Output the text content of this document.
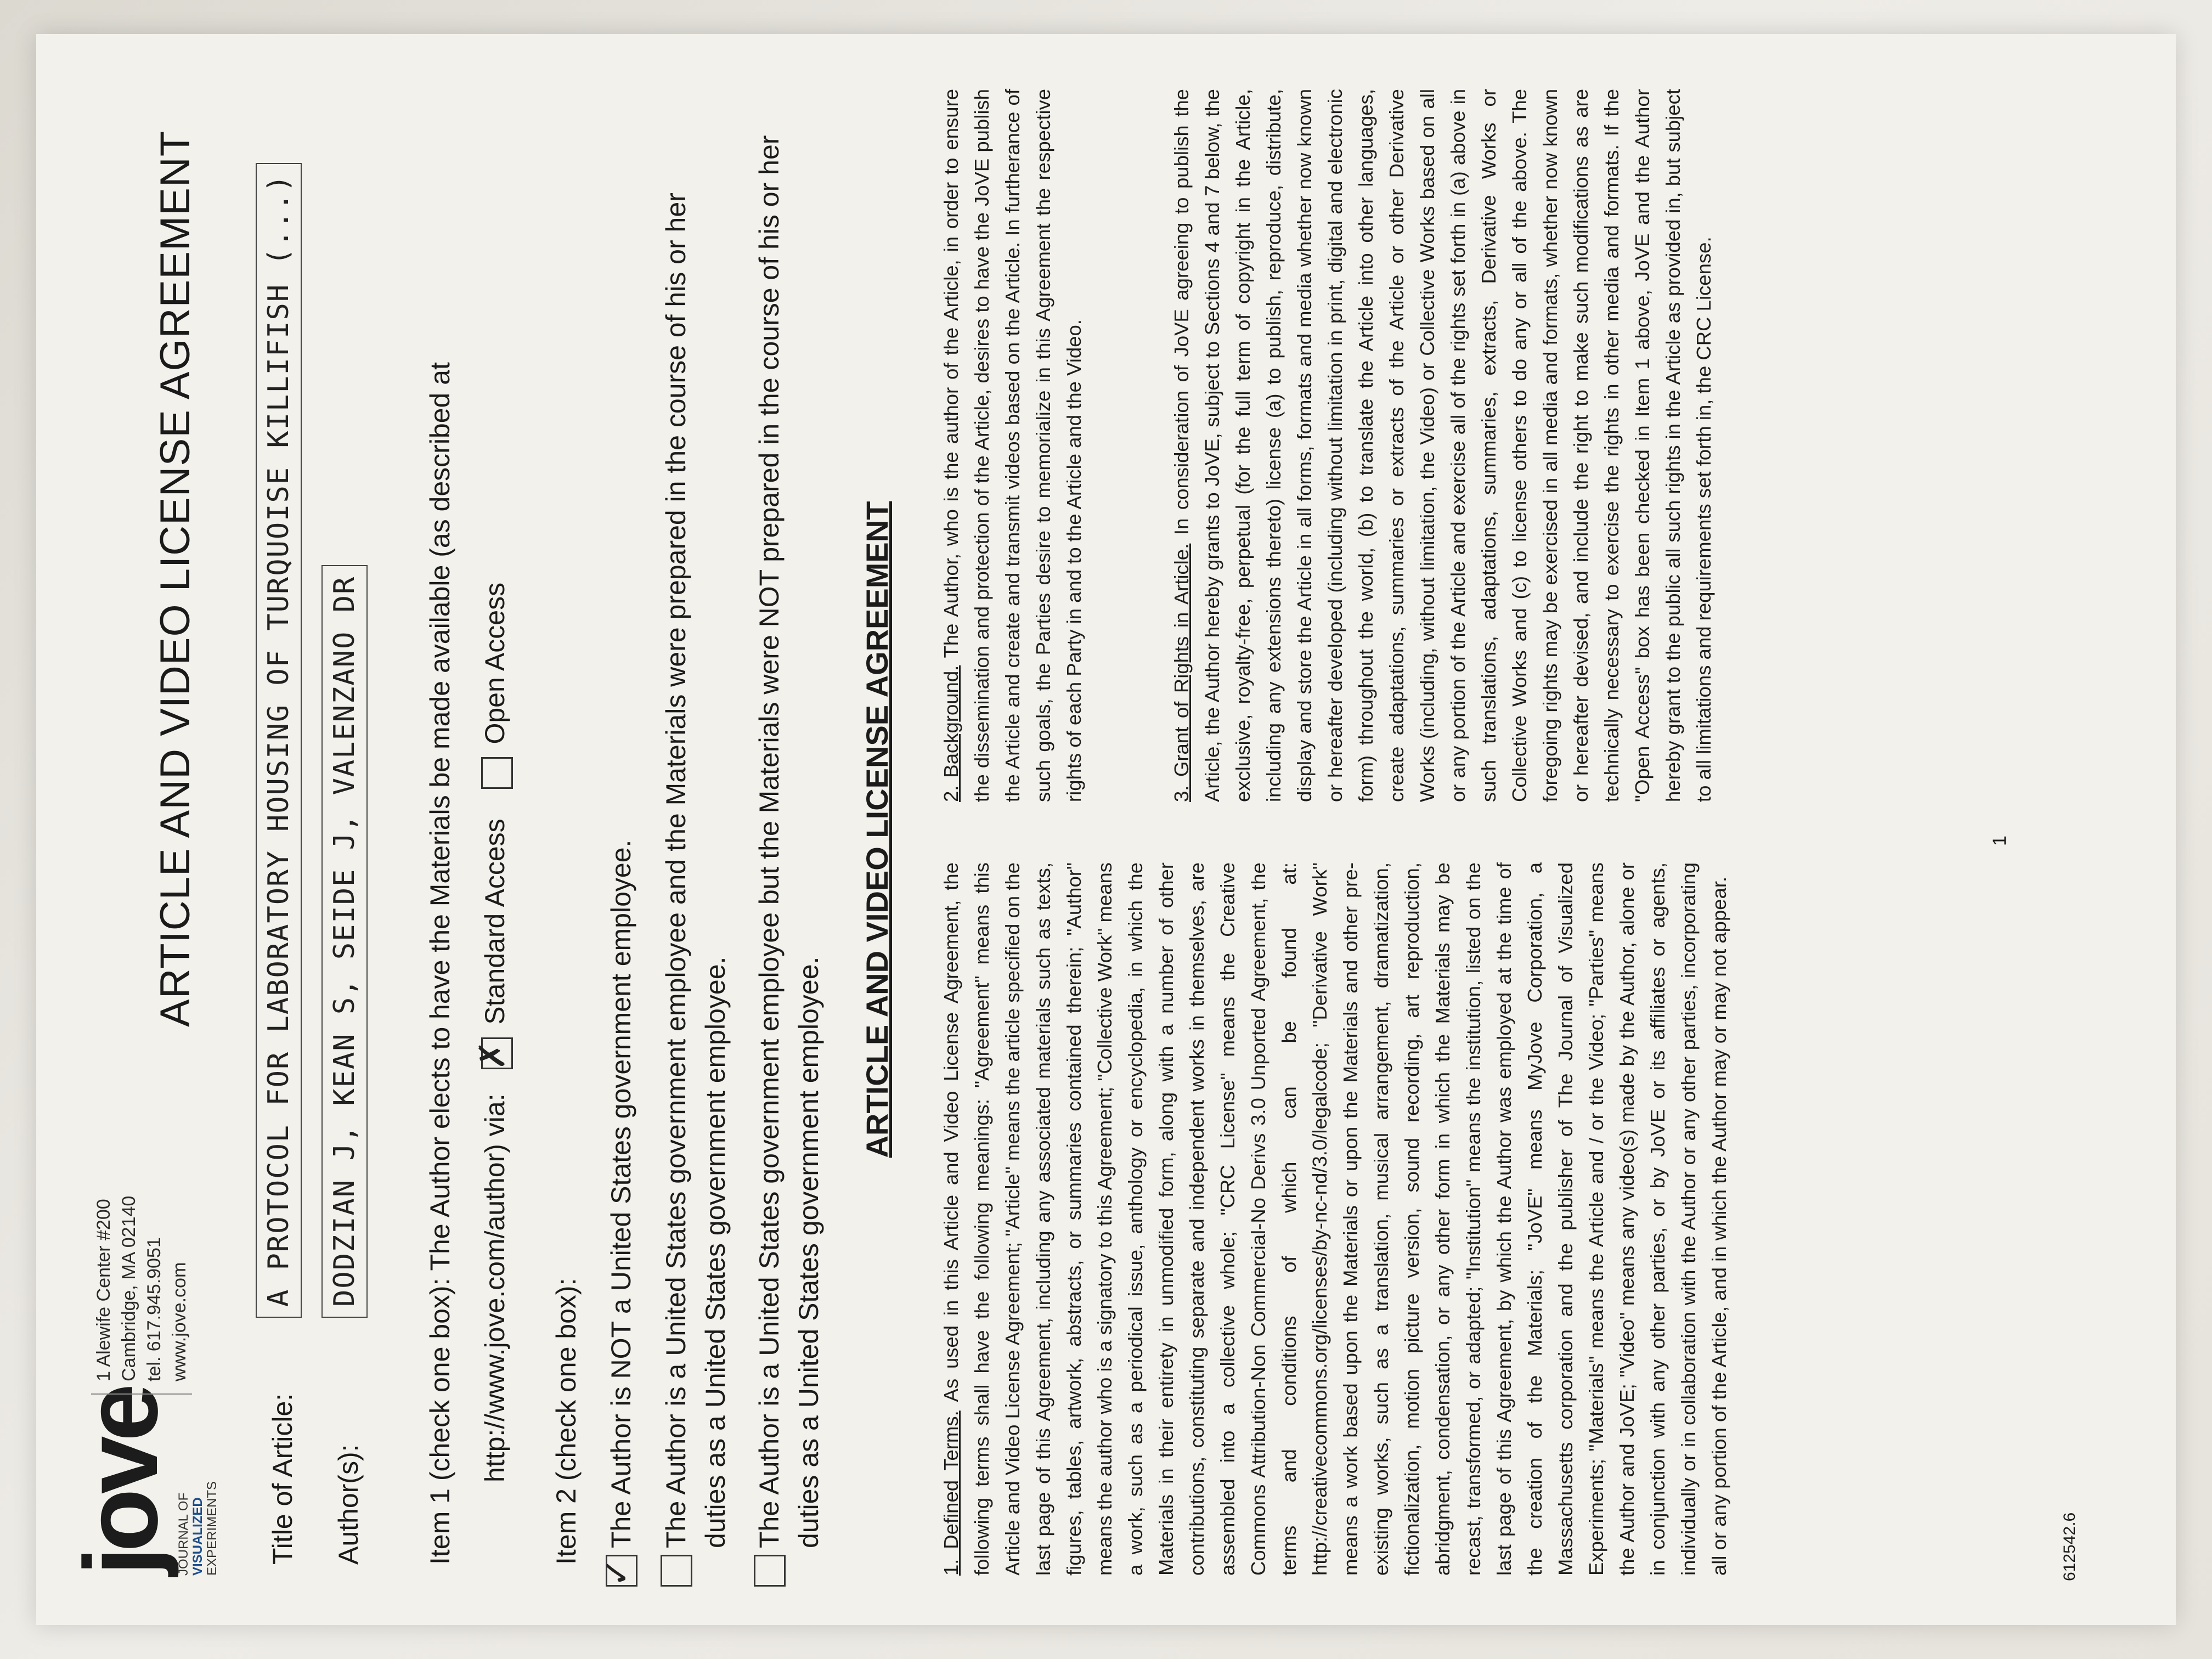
jove
JOURNAL OF
VISUALIZED EXPERIMENTS
1 Alewife Center #200 Cambridge, MA 02140 tel. 617.945.9051 www.jove.com
ARTICLE AND VIDEO LICENSE AGREEMENT
Title of Article:
A PROTOCOL FOR LABORATORY HOUSING OF TURQUOISE KILLIFISH (...)
Author(s):
DODZIAN J, KEAN S, SEIDE J, VALENZANO DR Item 1 (check one box): The Author elects to have the Materials be made available (as described at http://www.jove.com/author) via:
✗
Standard Access  Open Access
Item 2 (check one box):
✓
The Author is NOT a United States government employee. The Author is a United States government employee and the Materials were prepared in the course of his or her duties as a United States government employee. The Author is a United States government employee but the Materials were NOT prepared in the course of his or her duties as a United States government employee.
ARTICLE AND VIDEO LICENSE AGREEMENT
1. Defined Terms. As used in this Article and Video License Agreement, the following terms shall have the following meanings: "Agreement" means this Article and Video License Agreement; "Article" means the article specified on the last page of this Agreement, including any associated materials such as texts, figures, tables, artwork, abstracts, or summaries contained therein; "Author" means the author who is a signatory to this Agreement; "Collective Work" means a work, such as a periodical issue, anthology or encyclopedia, in which the Materials in their entirety in unmodified form, along with a number of other contributions, constituting separate and independent works in themselves, are assembled into a collective whole; "CRC License" means the Creative Commons Attribution-Non Commercial-No Derivs 3.0 Unported Agreement, the terms and conditions of which can be found at: http://creativecommons.org/licenses/by-nc-nd/3.0/legalcode; "Derivative Work" means a work based upon the Materials or upon the Materials and other pre-existing works, such as a translation, musical arrangement, dramatization, fictionalization, motion picture version, sound recording, art reproduction, abridgment, condensation, or any other form in which the Materials may be recast, transformed, or adapted; "Institution" means the institution, listed on the last page of this Agreement, by which the Author was employed at the time of the creation of the Materials; "JoVE" means MyJove Corporation, a Massachusetts corporation and the publisher of The Journal of Visualized Experiments; "Materials" means the Article and / or the Video; "Parties" means the Author and JoVE; "Video" means any video(s) made by the Author, alone or in conjunction with any other parties, or by JoVE or its affiliates or agents, individually or in collaboration with the Author or any other parties, incorporating all or any portion of the Article, and in which the Author may or may not appear.
2. Background. The Author, who is the author of the Article, in order to ensure the dissemination and protection of the Article, desires to have the JoVE publish the Article and create and transmit videos based on the Article. In furtherance of such goals, the Parties desire to memorialize in this Agreement the respective rights of each Party in and to the Article and the Video.	3. Grant of Rights in Article. In consideration of JoVE agreeing to publish the Article, the Author hereby grants to JoVE, subject to Sections 4 and 7 below, the exclusive, royalty-free, perpetual (for the full term of copyright in the Article, including any extensions thereto) license (a) to publish, reproduce, distribute, display and store the Article in all forms, formats and media whether now known or hereafter developed (including without limitation in print, digital and electronic form) throughout the world, (b) to translate the Article into other languages, create adaptations, summaries or extracts of the Article or other Derivative Works (including, without limitation, the Video) or Collective Works based on all or any portion of the Article and exercise all of the rights set forth in (a) above in such translations, adaptations, summaries, extracts, Derivative Works or Collective Works and (c) to license others to do any or all of the above. The foregoing rights may be exercised in all media and formats, whether now known or hereafter devised, and include the right to make such modifications as are technically necessary to exercise the rights in other media and formats. If the "Open Access" box has been checked in Item 1 above, JoVE and the Author hereby grant to the public all such rights in the Article as provided in, but subject to all limitations and requirements set forth in, the CRC License.
1
612542.6
